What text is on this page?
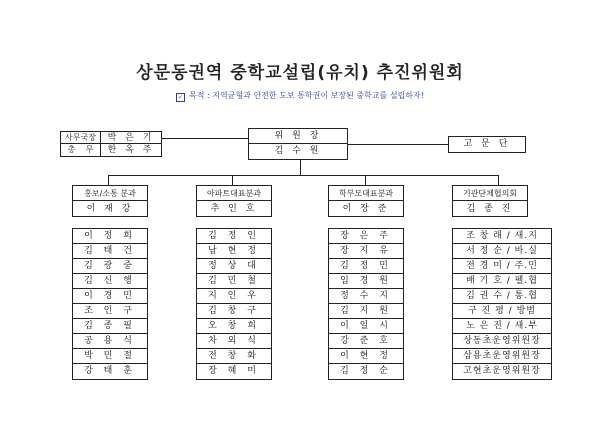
상문동권역 중학교설립(유치) 추진위원회
✓ 목적 : 지역균형과 안전한 도보 통학권이 보장된 중학교를 설립하자!
사무국장	박 은 기
총    무	한 옥 주
위 원 장
김 수 원
고 문 단
홍보/소통 분과
이 재 강
이 정 희
김 태 건
김 광 중
김 신 행
이 경 민
조 인 구
김 종 필
공 용 식
박 민 절
강 태 훈
아파트대표분과
추 인 호
김 정 인
남 현 정
정 상 대
김 민 철
지 인 우
김 창 구
오 창 희
차 외 식
전 창 화
장 혜 미
학부모대표분과
이 장 준
장 은 주
장 지 유
김 정 민
임 경 원
정 수 지
김 지 원
이 일 시
강 준 호
이 현 정
김 정 순
기관단체협의회
김 종 진
조 창 래 / 새.지
서 정 순 / 바.실
전 경 미 / 주.민
배 기 호 / 펠.협
김 권 수 / 통.협
구 진 평 / 방범
노 은 진 / 새.부
상동초운영위원장
삼용초운영위원장
고현초운영위원장
